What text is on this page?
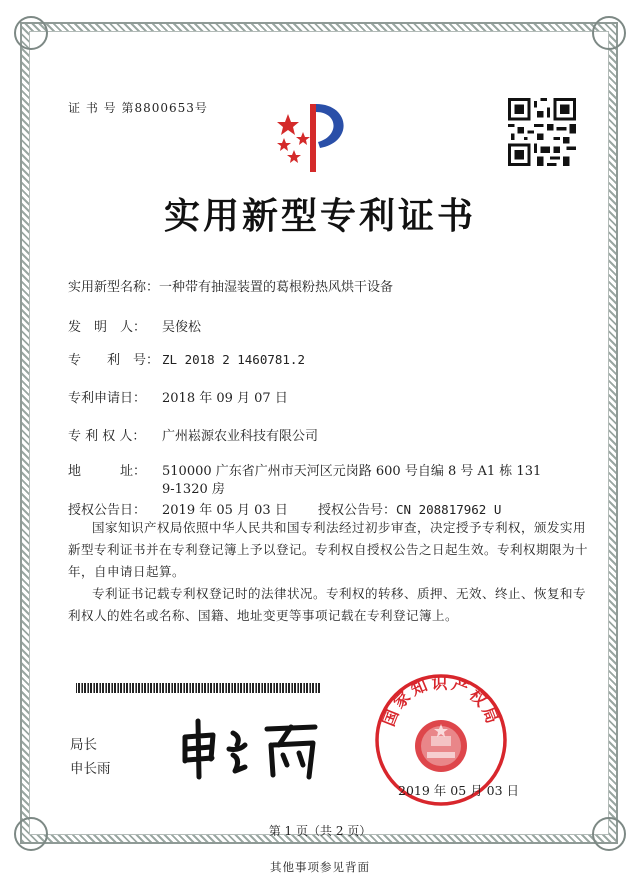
证 书 号 第8800653号
实用新型专利证书
实用新型名称：一种带有抽湿装置的葛根粉热风烘干设备
发　明　人： 吴俊松
专　　利　号： ZL 2018 2 1460781.2
专利申请日： 2018 年 09 月 07 日
专 利 权 人： 广州崧源农业科技有限公司
地　　　址： 510000 广东省广州市天河区元岗路 600 号自编 8 号 A1 栋 131
9-1320 房
授权公告日： 2019 年 05 月 03 日 授权公告号：CN 208817962 U
国家知识产权局依照中华人民共和国专利法经过初步审查，决定授予专利权，颁发实用
新型专利证书并在专利登记簿上予以登记。专利权自授权公告之日起生效。专利权期限为十
年，自申请日起算。
专利证书记载专利权登记时的法律状况。专利权的转移、质押、无效、终止、恢复和专
利权人的姓名或名称、国籍、地址变更等事项记载在专利登记簿上。
局长
申长雨
国家知识产权局
2019 年 05 月 03 日
第 1 页（共 2 页）
其他事项参见背面
